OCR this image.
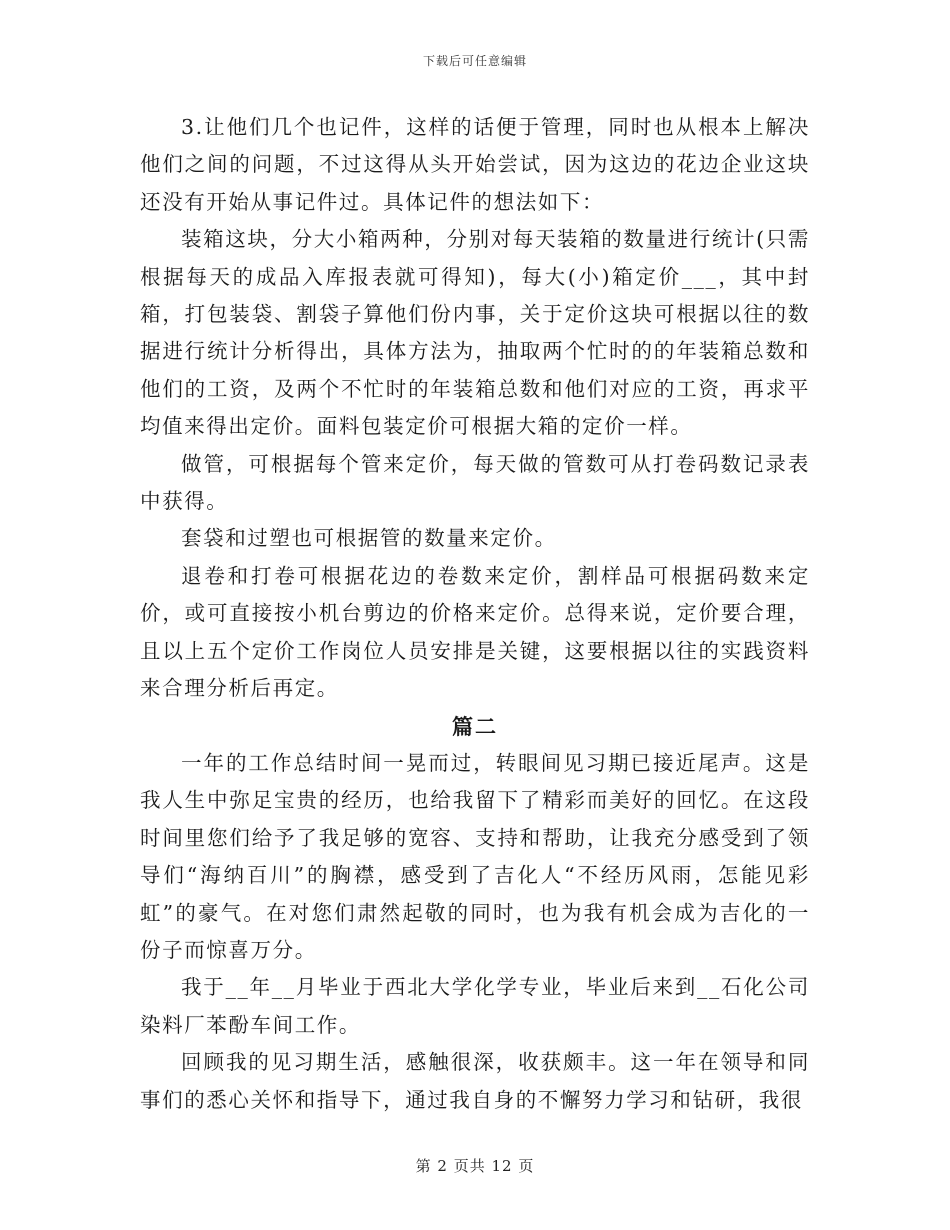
下载后可任意编辑

3.让他们几个也记件，这样的话便于管理，同时也从根本上解决他们之间的问题，不过这得从头开始尝试，因为这边的花边企业这块还没有开始从事记件过。具体记件的想法如下：

装箱这块，分大小箱两种，分别对每天装箱的数量进行统计(只需根据每天的成品入库报表就可得知)，每大(小)箱定价___，其中封箱，打包装袋、割袋子算他们份内事，关于定价这块可根据以往的数据进行统计分析得出，具体方法为，抽取两个忙时的的年装箱总数和他们的工资，及两个不忙时的年装箱总数和他们对应的工资，再求平均值来得出定价。面料包装定价可根据大箱的定价一样。

做管，可根据每个管来定价，每天做的管数可从打卷码数记录表中获得。

套袋和过塑也可根据管的数量来定价。

退卷和打卷可根据花边的卷数来定价，割样品可根据码数来定价，或可直接按小机台剪边的价格来定价。总得来说，定价要合理，且以上五个定价工作岗位人员安排是关键，这要根据以往的实践资料来合理分析后再定。

篇二

一年的工作总结时间一晃而过，转眼间见习期已接近尾声。这是我人生中弥足宝贵的经历，也给我留下了精彩而美好的回忆。在这段时间里您们给予了我足够的宽容、支持和帮助，让我充分感受到了领导们“海纳百川”的胸襟，感受到了吉化人“不经历风雨，怎能见彩虹”的豪气。在对您们肃然起敬的同时，也为我有机会成为吉化的一份子而惊喜万分。

我于__年__月毕业于西北大学化学专业，毕业后来到__石化公司染料厂苯酚车间工作。

回顾我的见习期生活，感触很深，收获颇丰。这一年在领导和同事们的悉心关怀和指导下，通过我自身的不懈努力学习和钻研，我很

第 2 页共 12 页
